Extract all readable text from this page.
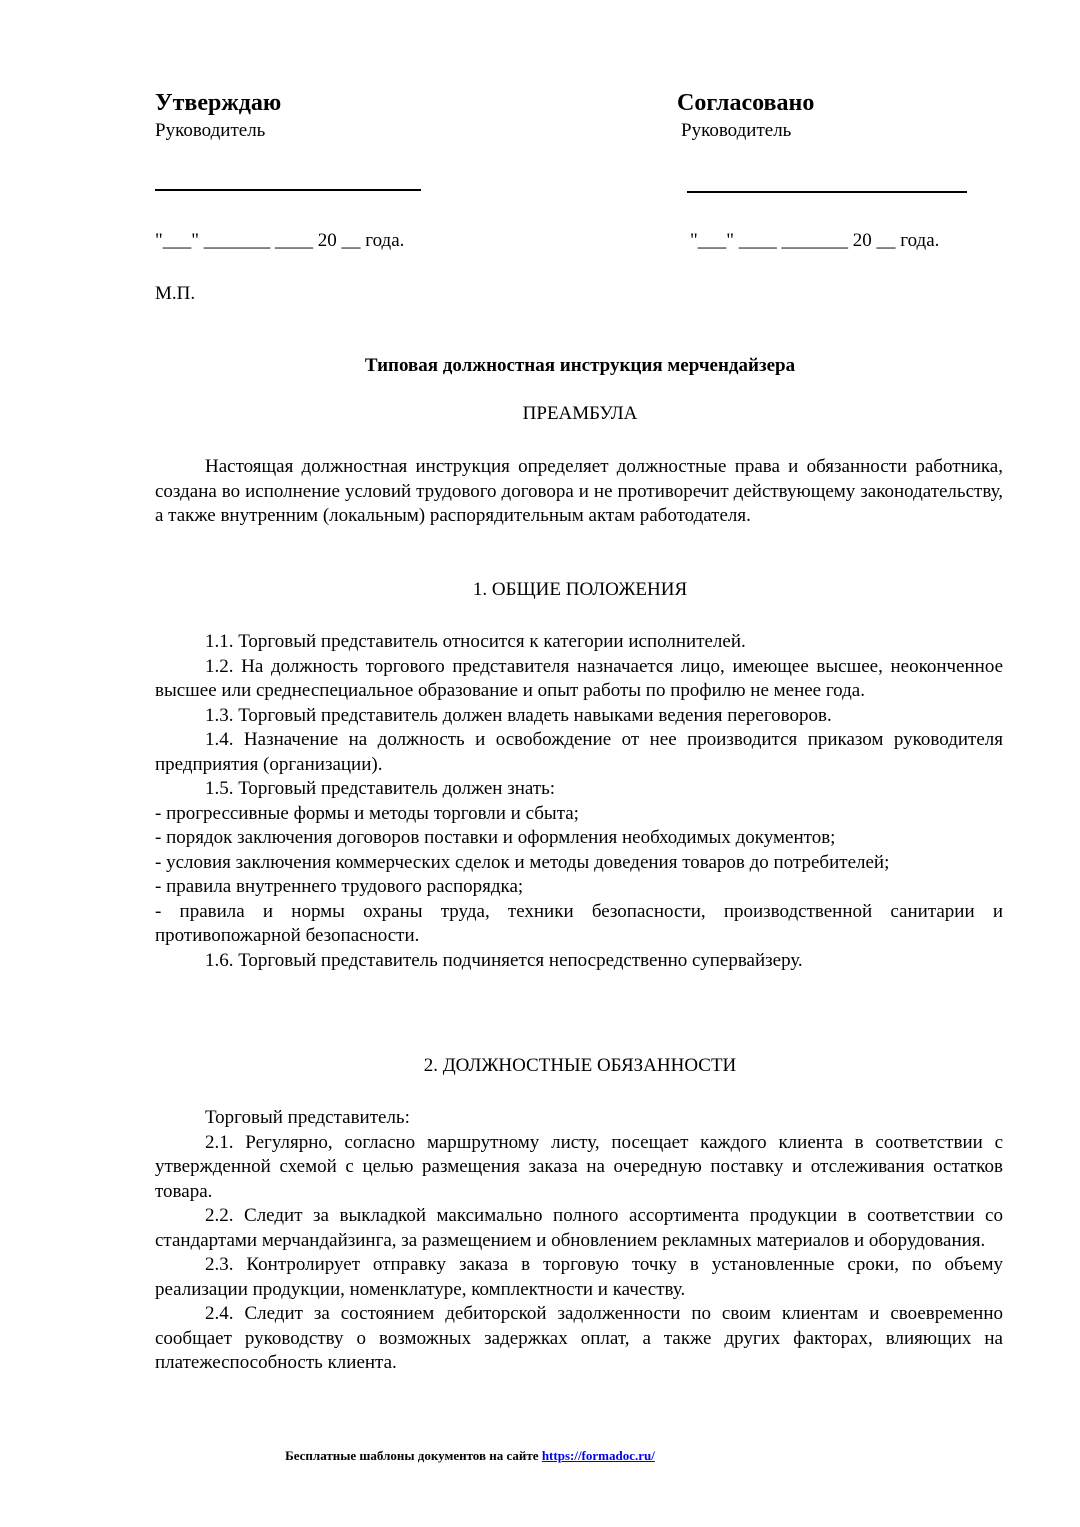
Утверждаю
Руководитель
"___" _______ ____ 20 __ года.
Согласовано
Руководитель
"___" ____ _______ 20 __ года.
М.П.
Типовая должностная инструкция мерчендайзера
ПРЕАМБУЛА

Настоящая должностная инструкция определяет должностные права и обязанности работника, создана во исполнение условий трудового договора и не противоречит действующему законодательству, а также внутренним (локальным) распорядительным актам работодателя.

1. ОБЩИЕ ПОЛОЖЕНИЯ

1.1. Торговый представитель относится к категории исполнителей.

1.2. На должность торгового представителя назначается лицо, имеющее высшее, неоконченное высшее или среднеспециальное образование и опыт работы по профилю не менее года.

1.3. Торговый представитель должен владеть навыками ведения переговоров.

1.4. Назначение на должность и освобождение от нее производится приказом руководителя предприятия (организации).

1.5. Торговый представитель должен знать:

- прогрессивные формы и методы торговли и сбыта;

- порядок заключения договоров поставки и оформления необходимых документов;

- условия заключения коммерческих сделок и методы доведения товаров до потребителей;

- правила внутреннего трудового распорядка;

- правила и нормы охраны труда, техники безопасности, производственной санитарии и противопожарной безопасности.

1.6. Торговый представитель подчиняется непосредственно супервайзеру.

2. ДОЛЖНОСТНЫЕ ОБЯЗАННОСТИ

Торговый представитель:

2.1. Регулярно, согласно маршрутному листу, посещает каждого клиента в соответствии с утвержденной схемой с целью размещения заказа на очередную поставку и отслеживания остатков товара.

2.2. Следит за выкладкой максимально полного ассортимента продукции в соответствии со стандартами мерчандайзинга, за размещением и обновлением рекламных материалов и оборудования.

2.3. Контролирует отправку заказа в торговую точку в установленные сроки, по объему реализации продукции, номенклатуре, комплектности и качеству.

2.4. Следит за состоянием дебиторской задолженности по своим клиентам и своевременно сообщает руководству о возможных задержках оплат, а также других факторах, влияющих на платежеспособность клиента.

Бесплатные шаблоны документов на сайте https://formadoc.ru/
